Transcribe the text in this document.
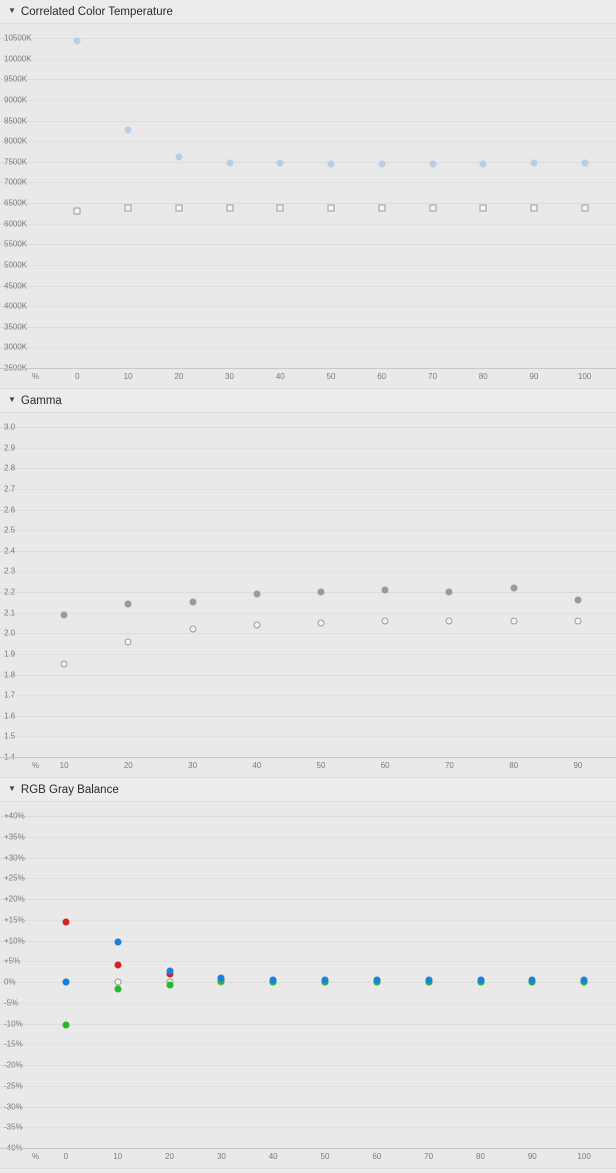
▼ Correlated Color Temperature
10500K
10000K
9500K
9000K
8500K
8000K
7500K
7000K
6500K
6000K
5500K
5000K
4500K
4000K
3500K
3000K
2500K
0	10	20	30	40	50	60	70	80	90	100
%
▼ Gamma
3.0
2.9
2.8
2.7
2.6
2.5
2.4
2.3
2.2
2.1
2.0
1.9
1.8
1.7
1.6
1.5
1.4
10	20	30	40	50	60	70	80	90
%
▼ RGB Gray Balance
+40%
+35%
+30%
+25%
+20%
+15%
+10%
+5%
0%
-5%
-10%
-15%
-20%
-25%
-30%
-35%
-40%
0	10	20	30	40	50	60	70	80	90	100
%
